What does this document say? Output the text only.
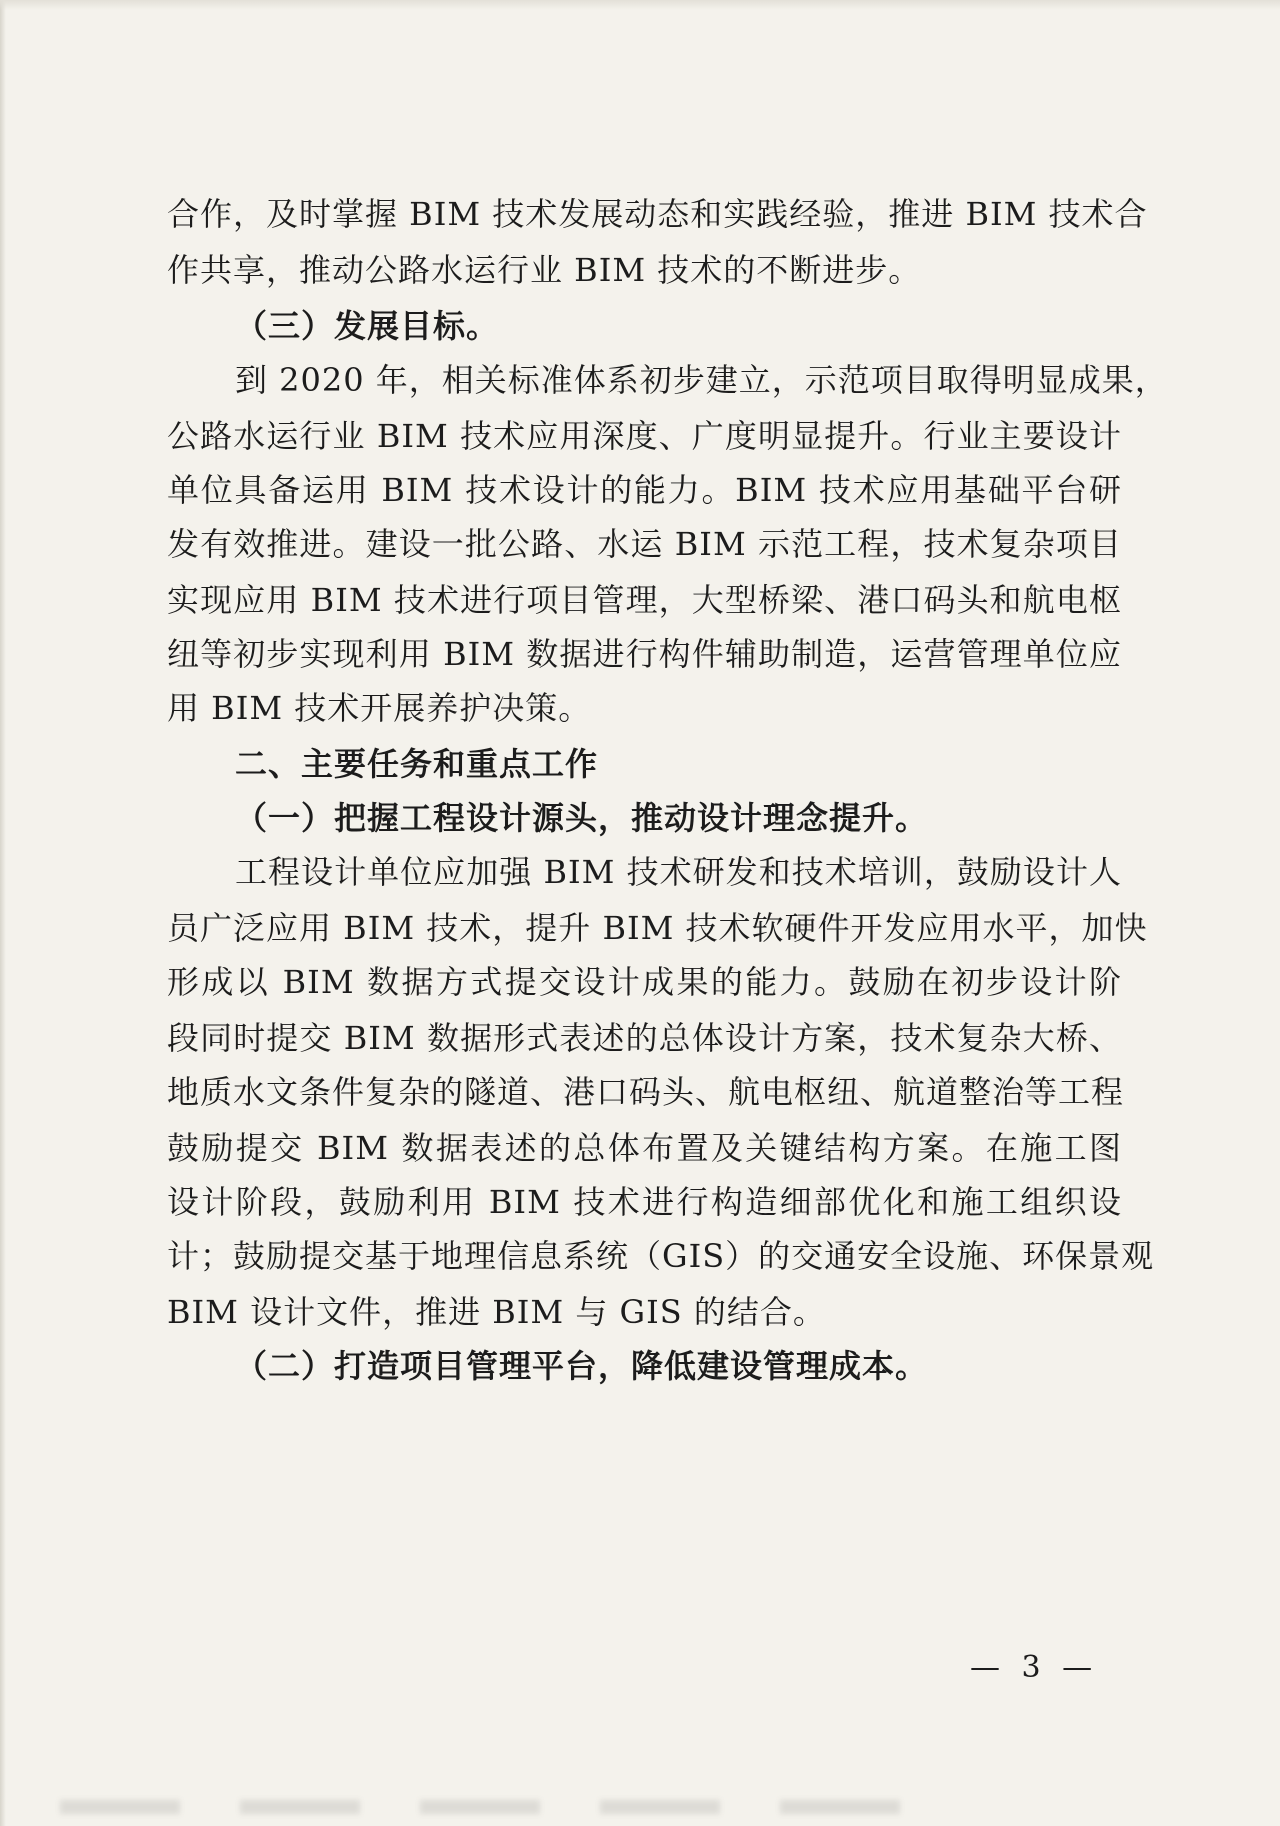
合作，及时掌握 BIM 技术发展动态和实践经验，推进 BIM 技术合
作共享，推动公路水运行业 BIM 技术的不断进步。
（三）发展目标。
到 2020 年，相关标准体系初步建立，示范项目取得明显成果，
公路水运行业 BIM 技术应用深度、广度明显提升。行业主要设计
单位具备运用 BIM 技术设计的能力。BIM 技术应用基础平台研
发有效推进。建设一批公路、水运 BIM 示范工程，技术复杂项目
实现应用 BIM 技术进行项目管理，大型桥梁、港口码头和航电枢
纽等初步实现利用 BIM 数据进行构件辅助制造，运营管理单位应
用 BIM 技术开展养护决策。
二、主要任务和重点工作
（一）把握工程设计源头，推动设计理念提升。
工程设计单位应加强 BIM 技术研发和技术培训，鼓励设计人
员广泛应用 BIM 技术，提升 BIM 技术软硬件开发应用水平，加快
形成以 BIM 数据方式提交设计成果的能力。鼓励在初步设计阶
段同时提交 BIM 数据形式表述的总体设计方案，技术复杂大桥、
地质水文条件复杂的隧道、港口码头、航电枢纽、航道整治等工程
鼓励提交 BIM 数据表述的总体布置及关键结构方案。在施工图
设计阶段，鼓励利用 BIM 技术进行构造细部优化和施工组织设
计；鼓励提交基于地理信息系统（GIS）的交通安全设施、环保景观
BIM 设计文件，推进 BIM 与 GIS 的结合。
（二）打造项目管理平台，降低建设管理成本。
— 3 —
